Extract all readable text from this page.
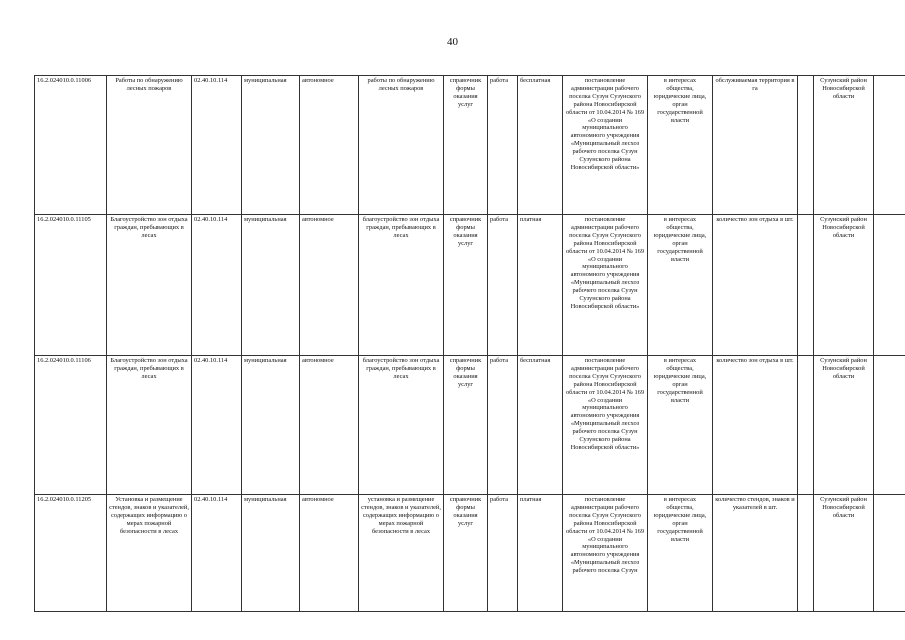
40
16.2.024010.0.11006	Работы по обнаружению лесных пожаров	02.40.10.114	муниципальная	автономное	работы по обнаружению лесных пожаров	справочник формы оказания услуг	работа	бесплатная	постановление администрации рабочего поселка Сузун Сузунского района Новосибирской области от 10.04.2014 № 169 «О создании муниципального автономного учреждения «Муниципальный лесхоз рабочего поселка Сузун Сузунского района Новосибирской области»	в интересах общества, юридические лица, орган государственной власти	обслуживаемая территория в га		Сузунский район Новосибирской области	
16.2.024010.0.11105	Благоустройство зон отдыха граждан, пребывающих в лесах	02.40.10.114	муниципальная	автономное	благоустройство зон отдыха граждан, пребывающих в лесах	справочник формы оказания услуг	работа	платная	постановление администрации рабочего поселка Сузун Сузунского района Новосибирской области от 10.04.2014 № 169 «О создании муниципального автономного учреждения «Муниципальный лесхоз рабочего поселка Сузун Сузунского района Новосибирской области»	в интересах общества, юридические лица, орган государственной власти	количество зон отдыха в шт.		Сузунский район Новосибирской области	
16.2.024010.0.11106	Благоустройство зон отдыха граждан, пребывающих в лесах	02.40.10.114	муниципальная	автономное	благоустройство зон отдыха граждан, пребывающих в лесах	справочник формы оказания услуг	работа	бесплатная	постановление администрации рабочего поселка Сузун Сузунского района Новосибирской области от 10.04.2014 № 169 «О создании муниципального автономного учреждения «Муниципальный лесхоз рабочего поселка Сузун Сузунского района Новосибирской области»	в интересах общества, юридические лица, орган государственной власти	количество зон отдыха в шт.		Сузунский район Новосибирской области	
16.2.024010.0.11205	Установка и размещение стендов, знаков и указателей, содержащих информацию о мерах пожарной безопасности в лесах	02.40.10.114	муниципальная	автономное	установка и размещение стендов, знаков и указателей, содержащих информацию о мерах пожарной безопасности в лесах	справочник формы оказания услуг	работа	платная	постановление администрации рабочего поселка Сузун Сузунского района Новосибирской области от 10.04.2014 № 169 «О создании муниципального автономного учреждения «Муниципальный лесхоз рабочего поселка Сузун	в интересах общества, юридические лица, орган государственной власти	количество стендов, знаков и указателей в шт.		Сузунский район Новосибирской области	
